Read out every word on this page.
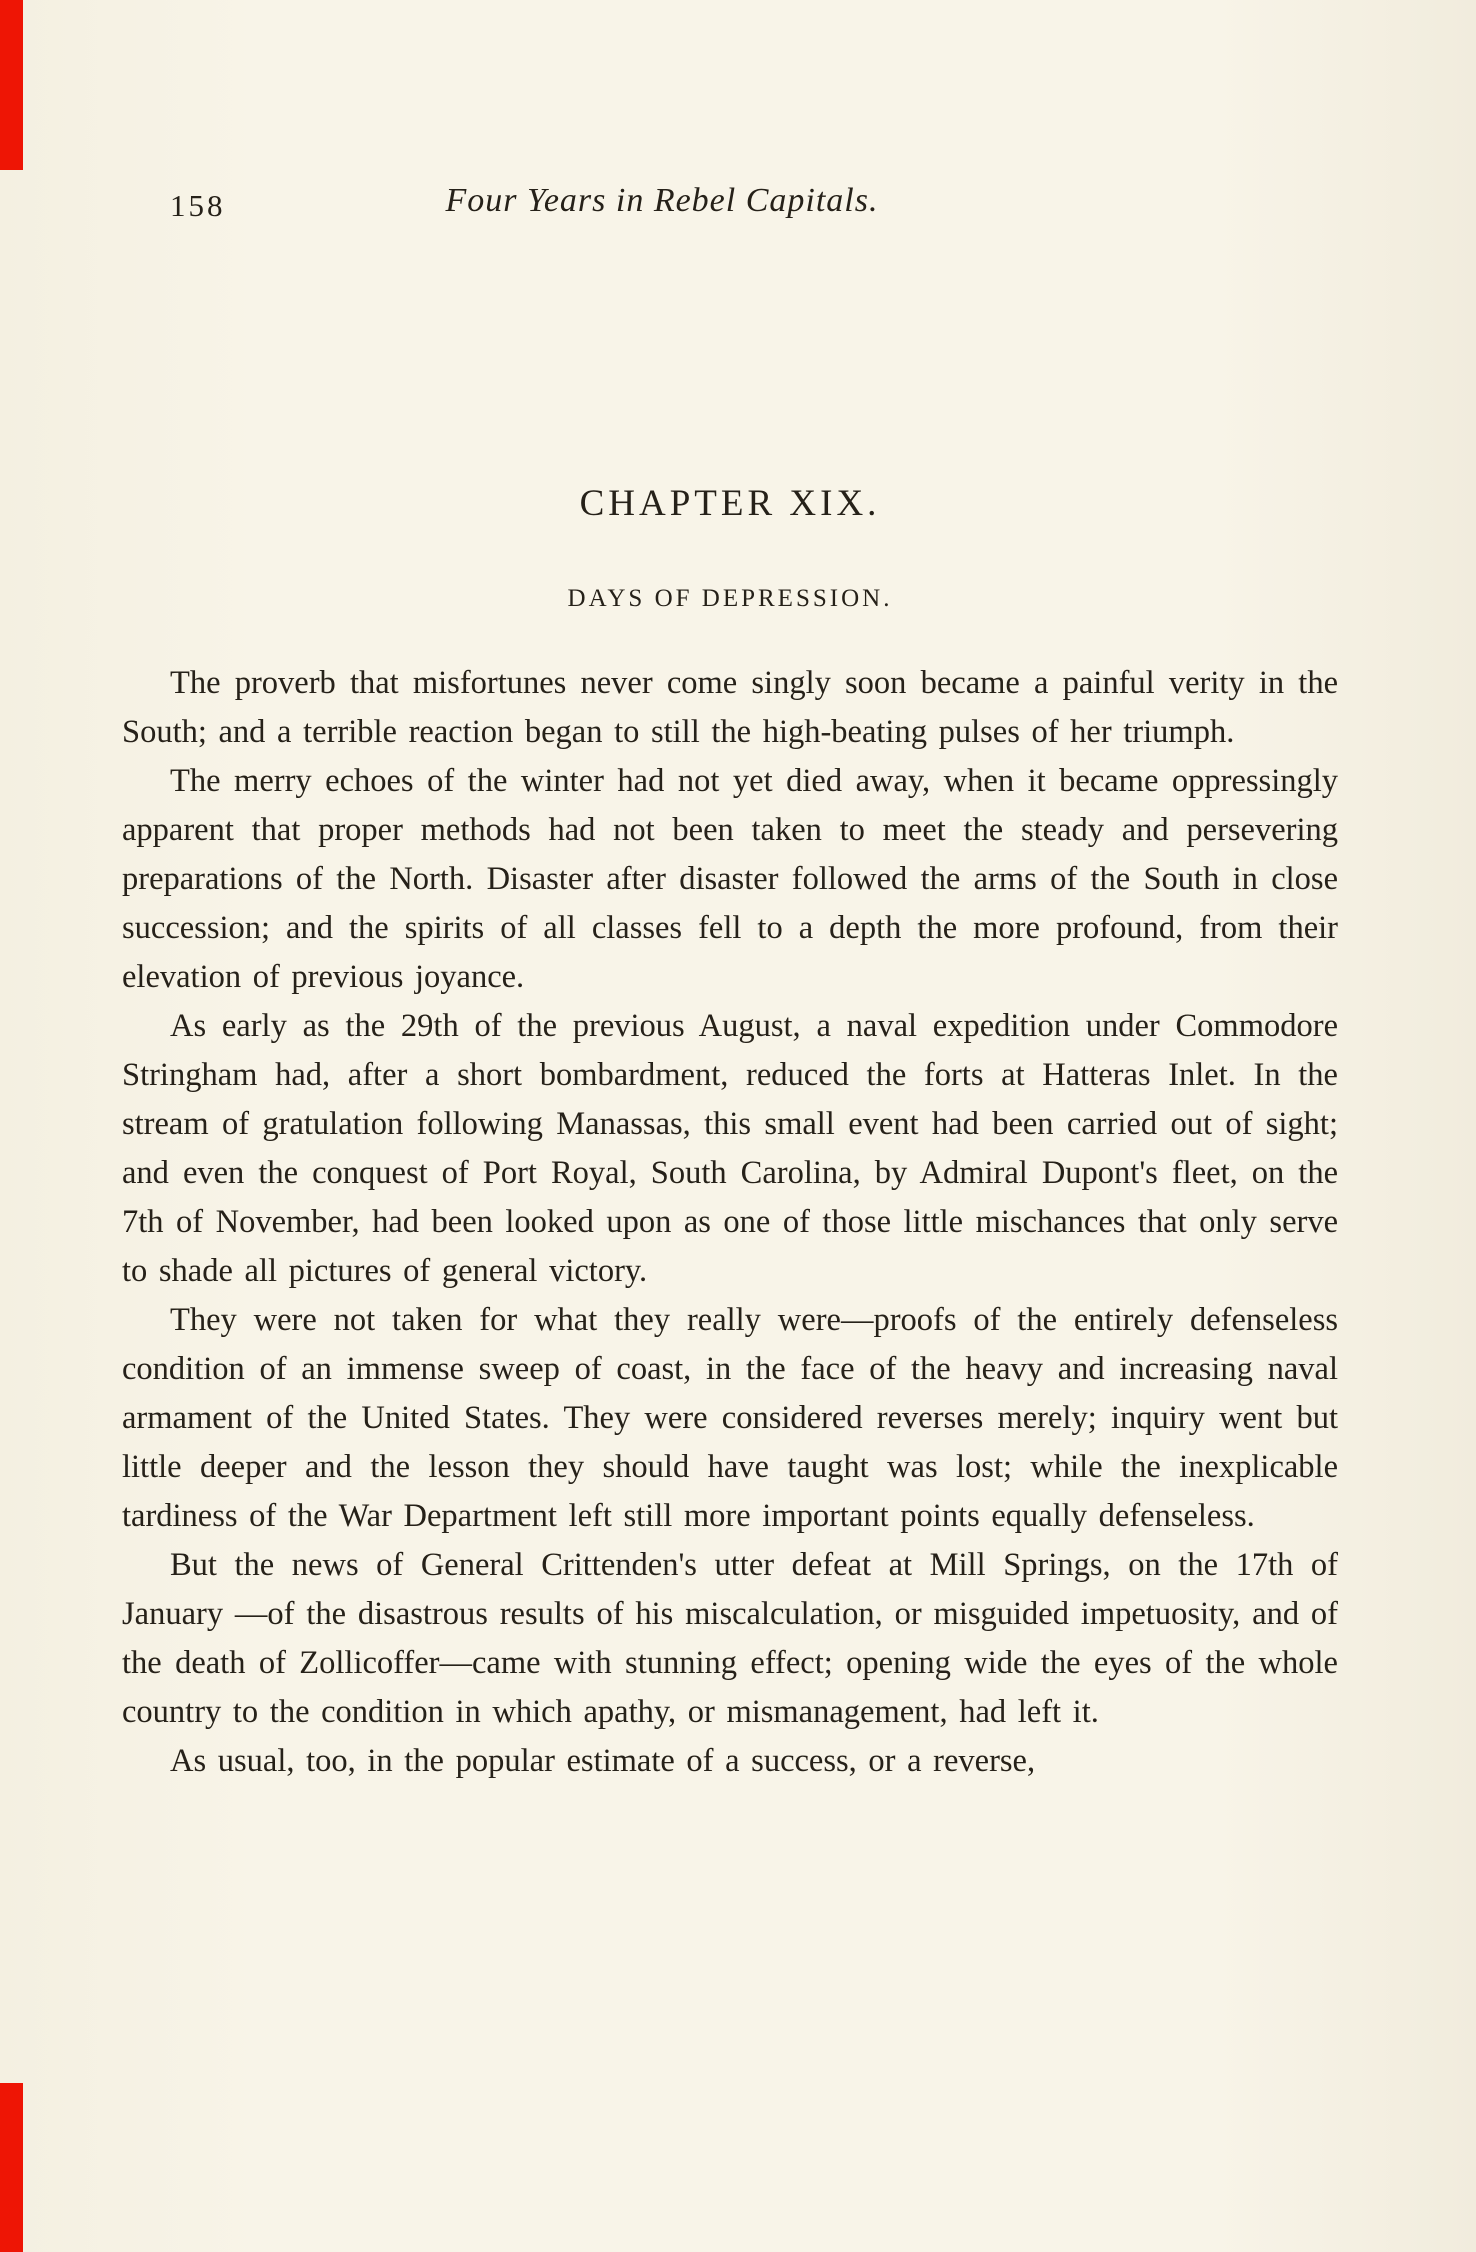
158	Four Years in Rebel Capitals.
CHAPTER XIX.
DAYS OF DEPRESSION.

The proverb that misfortunes never come singly soon became a painful verity in the South; and a terrible reaction began to still the high-beating pulses of her triumph.

The merry echoes of the winter had not yet died away, when it became oppressingly apparent that proper methods had not been taken to meet the steady and persevering preparations of the North. Disaster after disaster followed the arms of the South in close succession; and the spirits of all classes fell to a depth the more profound, from their elevation of previous joyance.

As early as the 29th of the previous August, a naval expedition under Commodore Stringham had, after a short bombardment, reduced the forts at Hatteras Inlet. In the stream of gratulation following Manassas, this small event had been carried out of sight; and even the conquest of Port Royal, South Carolina, by Admiral Dupont's fleet, on the 7th of November, had been looked upon as one of those little mischances that only serve to shade all pictures of general victory.

They were not taken for what they really were—proofs of the entirely defenseless condition of an immense sweep of coast, in the face of the heavy and increasing naval armament of the United States. They were considered reverses merely; inquiry went but little deeper and the lesson they should have taught was lost; while the inexplicable tardiness of the War Department left still more important points equally defenseless.

But the news of General Crittenden's utter defeat at Mill Springs, on the 17th of January —of the disastrous results of his miscalculation, or misguided impetuosity, and of the death of Zollicoffer—came with stunning effect; opening wide the eyes of the whole country to the condition in which apathy, or mismanagement, had left it.

As usual, too, in the popular estimate of a success, or a reverse,
